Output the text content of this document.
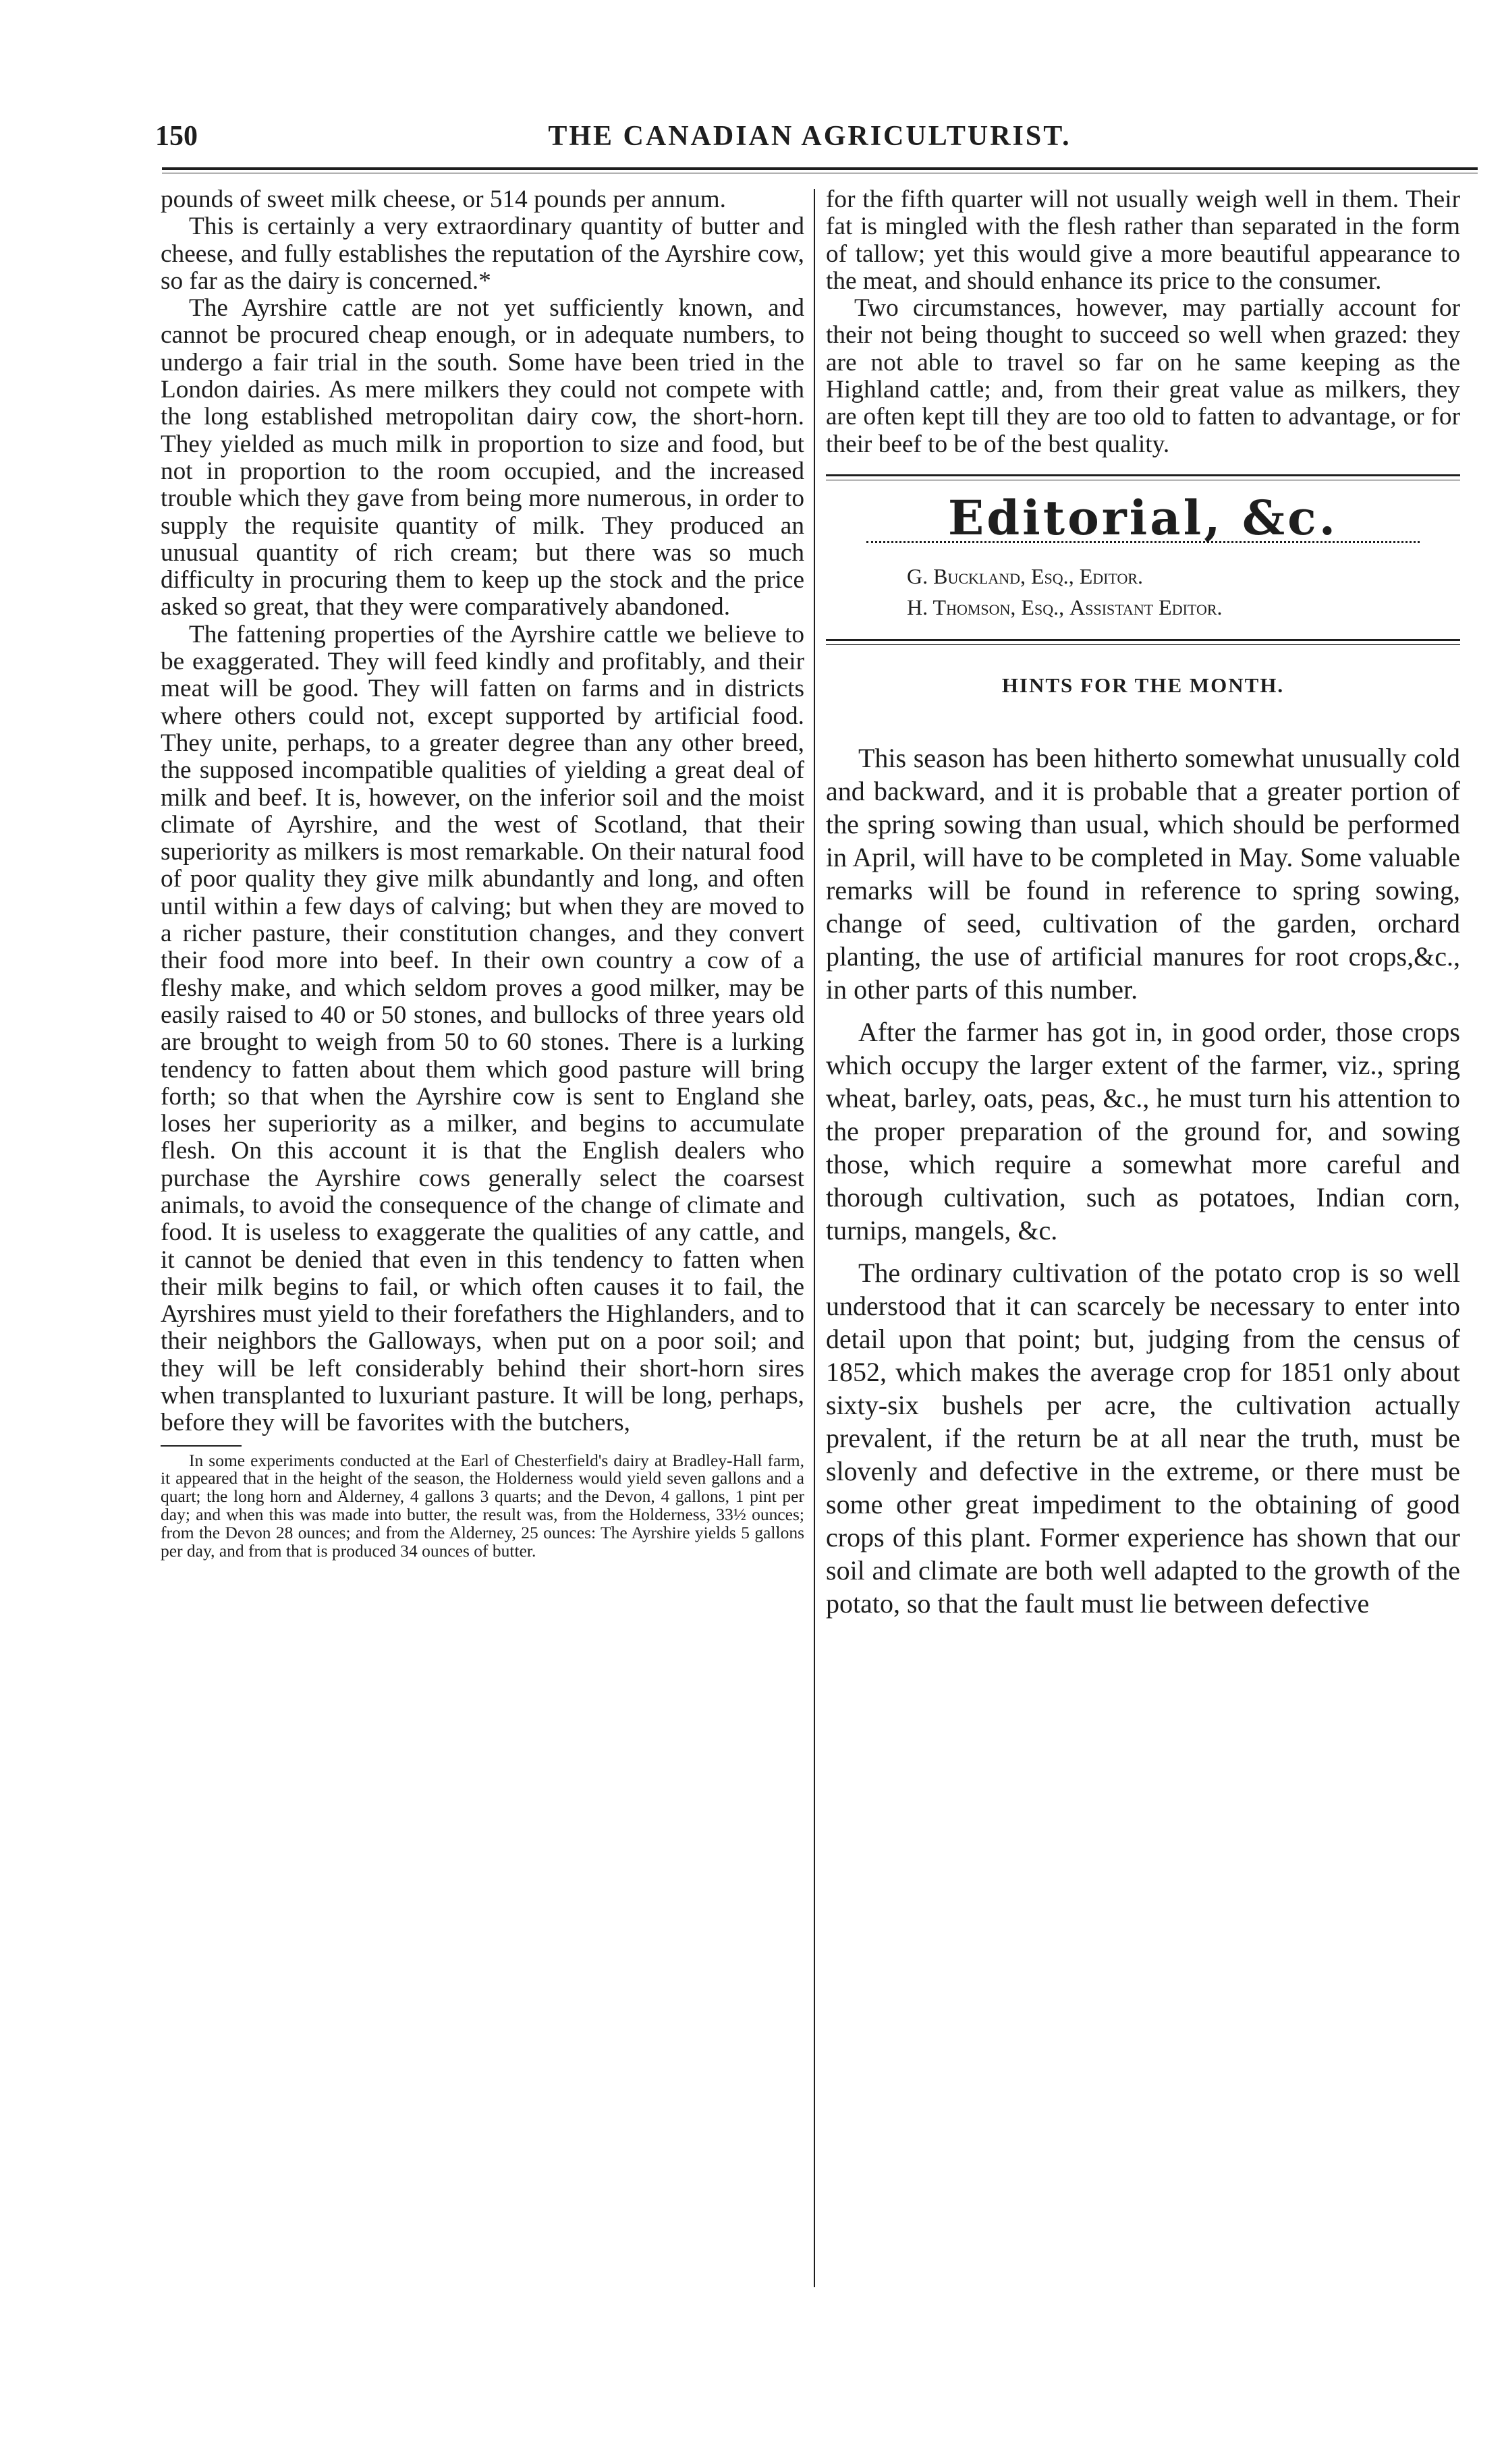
150	THE CANADIAN AGRICULTURIST.

pounds of sweet milk cheese, or 514 pounds per annum.

This is certainly a very extraordinary quantity of butter and cheese, and fully establishes the reputation of the Ayrshire cow, so far as the dairy is concerned.*

The Ayrshire cattle are not yet sufficiently known, and cannot be procured cheap enough, or in adequate numbers, to undergo a fair trial in the south. Some have been tried in the London dairies. As mere milkers they could not compete with the long established metropolitan dairy cow, the short-horn. They yielded as much milk in proportion to size and food, but not in proportion to the room occupied, and the increased trouble which they gave from being more numerous, in order to supply the requisite quantity of milk. They produced an unusual quantity of rich cream; but there was so much difficulty in procuring them to keep up the stock and the price asked so great, that they were comparatively abandoned.

The fattening properties of the Ayrshire cattle we believe to be exaggerated. They will feed kindly and profitably, and their meat will be good. They will fatten on farms and in districts where others could not, except supported by artificial food. They unite, perhaps, to a greater degree than any other breed, the supposed incompatible qualities of yielding a great deal of milk and beef. It is, however, on the inferior soil and the moist climate of Ayrshire, and the west of Scotland, that their superiority as milkers is most remarkable. On their natural food of poor quality they give milk abundantly and long, and often until within a few days of calving; but when they are moved to a richer pasture, their constitution changes, and they convert their food more into beef. In their own country a cow of a fleshy make, and which seldom proves a good milker, may be easily raised to 40 or 50 stones, and bullocks of three years old are brought to weigh from 50 to 60 stones. There is a lurking tendency to fatten about them which good pasture will bring forth; so that when the Ayrshire cow is sent to England she loses her superiority as a milker, and begins to accumulate flesh. On this account it is that the English dealers who purchase the Ayrshire cows generally select the coarsest animals, to avoid the consequence of the change of climate and food. It is useless to exaggerate the qualities of any cattle, and it cannot be denied that even in this tendency to fatten when their milk begins to fail, or which often causes it to fail, the Ayrshires must yield to their forefathers the Highlanders, and to their neighbors the Galloways, when put on a poor soil; and they will be left considerably behind their short-horn sires when transplanted to luxuriant pasture. It will be long, perhaps, before they will be favorites with the butchers,

In some experiments conducted at the Earl of Chesterfield's dairy at Bradley-Hall farm, it appeared that in the height of the season, the Holderness would yield seven gallons and a quart; the long horn and Alderney, 4 gallons 3 quarts; and the Devon, 4 gallons, 1 pint per day; and when this was made into butter, the result was, from the Holderness, 33½ ounces; from the Devon 28 ounces; and from the Alderney, 25 ounces: The Ayrshire yields 5 gallons per day, and from that is produced 34 ounces of butter.

for the fifth quarter will not usually weigh well in them. Their fat is mingled with the flesh rather than separated in the form of tallow; yet this would give a more beautiful appearance to the meat, and should enhance its price to the consumer.

Two circumstances, however, may partially account for their not being thought to succeed so well when grazed: they are not able to travel so far on he same keeping as the Highland cattle; and, from their great value as milkers, they are often kept till they are too old to fatten to advantage, or for their beef to be of the best quality.

Editorial, &c.
G. Buckland, Esq., Editor.
H. Thomson, Esq., Assistant Editor.
HINTS FOR THE MONTH.

This season has been hitherto somewhat unusually cold and backward, and it is probable that a greater portion of the spring sowing than usual, which should be performed in April, will have to be completed in May. Some valuable remarks will be found in reference to spring sowing, change of seed, cultivation of the garden, orchard planting, the use of artificial manures for root crops,&c., in other parts of this number.

After the farmer has got in, in good order, those crops which occupy the larger extent of the farmer, viz., spring wheat, barley, oats, peas, &c., he must turn his attention to the proper preparation of the ground for, and sowing those, which require a somewhat more careful and thorough cultivation, such as potatoes, Indian corn, turnips, mangels, &c.

The ordinary cultivation of the potato crop is so well understood that it can scarcely be necessary to enter into detail upon that point; but, judging from the census of 1852, which makes the average crop for 1851 only about sixty-six bushels per acre, the cultivation actually prevalent, if the return be at all near the truth, must be slovenly and defective in the extreme, or there must be some other great impediment to the obtaining of good crops of this plant. Former experience has shown that our soil and climate are both well adapted to the growth of the potato, so that the fault must lie between defective
